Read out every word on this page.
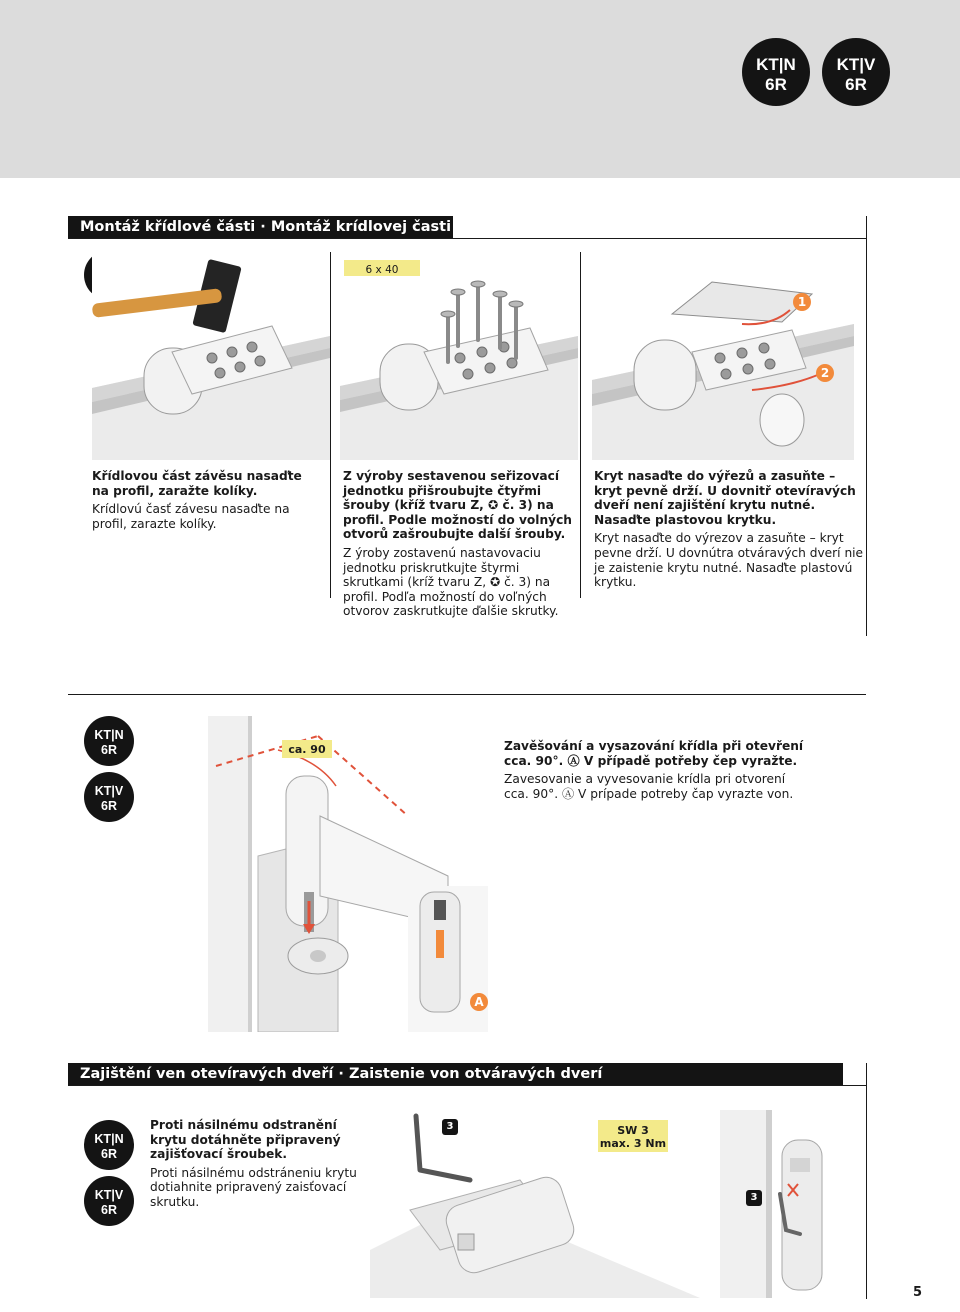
KT|N
6R
KT|V
6R
Montáž křídlové části · Montáž krídlovej časti
6 x 40
1
2

Křídlovou část závěsu nasaďte na profil, zaražte kolíky.

Krídlovú časť závesu nasaďte na profil, zarazte kolíky.

Z výroby sestavenou seřizovací jednotku přišroubujte čtyřmi šrouby (kříž tvaru Z, ✪ č. 3) na profil. Podle možností do volných otvorů zašroubujte další šrouby.

Z ýroby zostavenú nastavovaciu jednotku priskrutkujte štyrmi skrutkami (kríž tvaru Z, ✪ č. 3) na profil. Podľa možností do voľných otvorov zaskrutkujte ďalšie skrutky.

Kryt nasaďte do výřezů a zasuňte – kryt pevně drží. U dovnitř otevíravých dveří není zajištění krytu nutné. Nasaďte plastovou krytku.

Kryt nasaďte do výrezov a zasuňte – kryt pevne drží. U dovnútra otváravých dverí nie je zaistenie krytu nutné. Nasaďte plastovú krytku.

KT|N
6R
KT|V
6R
ca. 90
A

Zavěšování a vysazování křídla při otevření cca. 90°. Ⓐ V případě potřeby čep vyražte.

Zavesovanie a vyvesovanie krídla pri otvorení cca. 90°. Ⓐ V prípade potreby čap vyrazte von.

Zajištění ven otevíravých dveří · Zaistenie von otváravých dverí
KT|N
6R
KT|V
6R

Proti násilnému odstranění krytu dotáhněte připravený zajišťovací šroubek.

Proti násilnému odstráneniu krytu dotiahnite pripravený zaisťovací skrutku.

3	SW 3
max. 3 Nm
3
5
